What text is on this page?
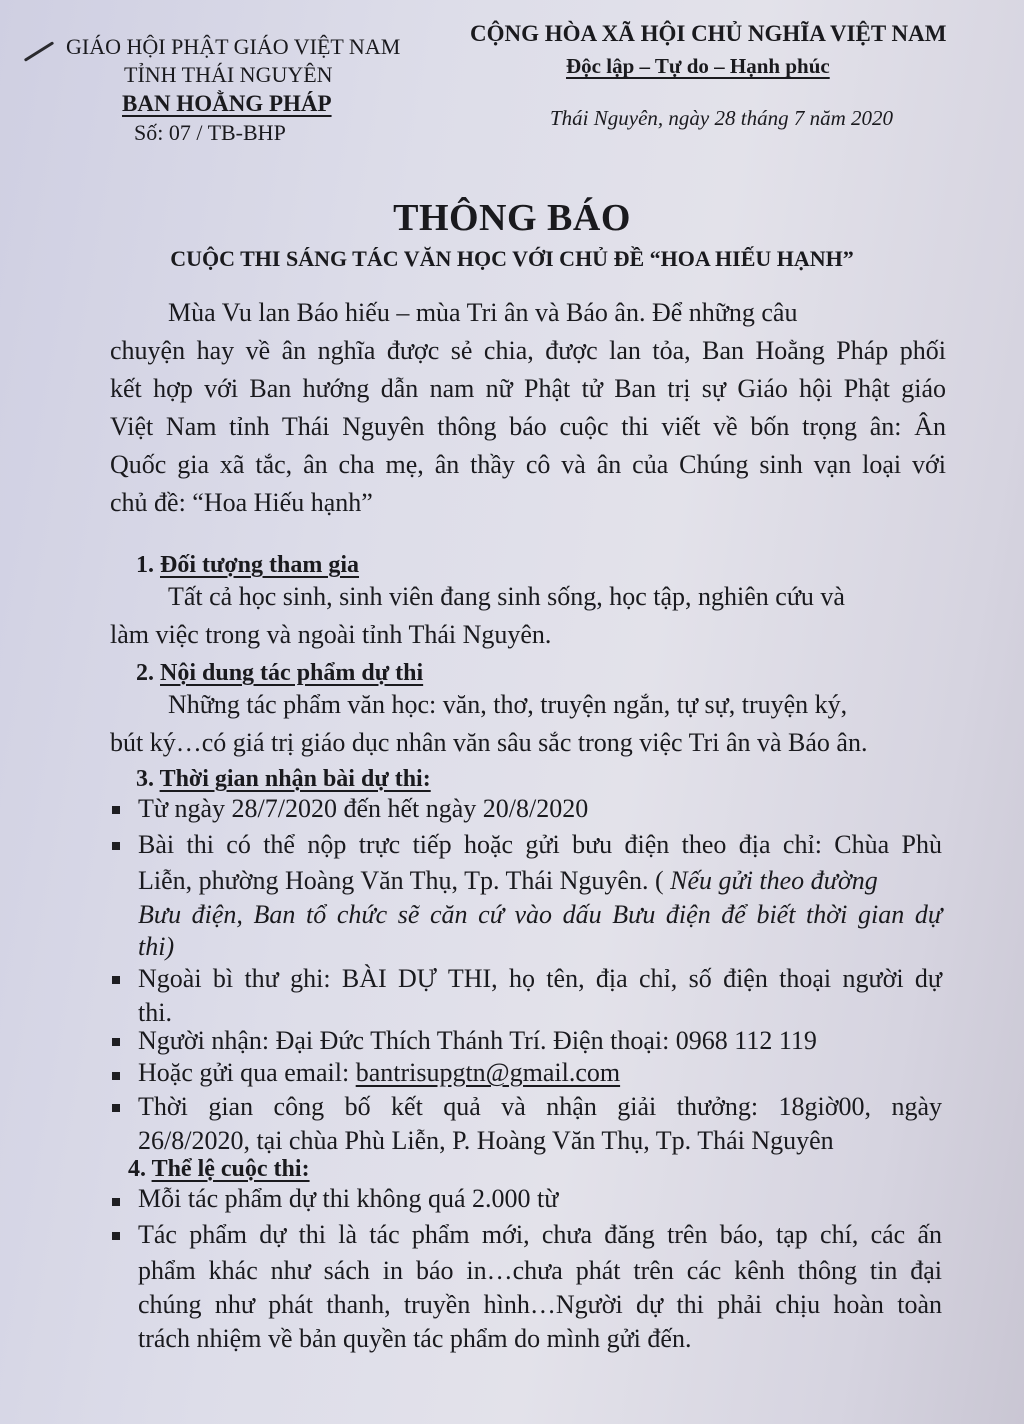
GIÁO HỘI PHẬT GIÁO VIỆT NAM
TỈNH THÁI NGUYÊN
BAN HOẰNG PHÁP
Số: 07 / TB-BHP
CỘNG HÒA XÃ HỘI CHỦ NGHĨA VIỆT NAM
Độc lập – Tự do – Hạnh phúc
Thái Nguyên, ngày 28 tháng 7 năm 2020
THÔNG BÁO
CUỘC THI SÁNG TÁC VĂN HỌC VỚI CHỦ ĐỀ “HOA HIẾU HẠNH”
Mùa Vu lan Báo hiếu – mùa Tri ân và Báo ân. Để những câu
chuyện hay về ân nghĩa được sẻ chia, được lan tỏa, Ban Hoằng Pháp phối
kết hợp với Ban hướng dẫn nam nữ Phật tử Ban trị sự Giáo hội Phật giáo
Việt Nam tỉnh Thái Nguyên thông báo cuộc thi viết về bốn trọng ân: Ân
Quốc gia xã tắc, ân cha mẹ, ân thầy cô và ân của Chúng sinh vạn loại với
chủ đề: “Hoa Hiếu hạnh”
1. Đối tượng tham gia
Tất cả học sinh, sinh viên đang sinh sống, học tập, nghiên cứu và
làm việc trong và ngoài tỉnh Thái Nguyên.
2. Nội dung tác phẩm dự thi
Những tác phẩm văn học: văn, thơ, truyện ngắn, tự sự, truyện ký,
bút ký…có giá trị giáo dục nhân văn sâu sắc trong việc Tri ân và Báo ân.
3. Thời gian nhận bài dự thi:
Từ ngày 28/7/2020 đến hết ngày 20/8/2020
Bài thi có thể nộp trực tiếp hoặc gửi bưu điện theo địa chỉ: Chùa Phù
Liễn, phường Hoàng Văn Thụ, Tp. Thái Nguyên. ( Nếu gửi theo đường
Bưu điện, Ban tổ chức sẽ căn cứ vào dấu Bưu điện để biết thời gian dự
thi)
Ngoài bì thư ghi: BÀI DỰ THI, họ tên, địa chỉ, số điện thoại người dự
thi.
Người nhận: Đại Đức Thích Thánh Trí. Điện thoại: 0968 112 119
Hoặc gửi qua email: bantrisupgtn@gmail.com
Thời gian công bố kết quả và nhận giải thưởng: 18giờ00, ngày
26/8/2020, tại chùa Phù Liễn, P. Hoàng Văn Thụ, Tp. Thái Nguyên
4. Thể lệ cuộc thi:
Mỗi tác phẩm dự thi không quá 2.000 từ
Tác phẩm dự thi là tác phẩm mới, chưa đăng trên báo, tạp chí, các ấn
phẩm khác như sách in báo in…chưa phát trên các kênh thông tin đại
chúng như phát thanh, truyền hình…Người dự thi phải chịu hoàn toàn
trách nhiệm về bản quyền tác phẩm do mình gửi đến.
